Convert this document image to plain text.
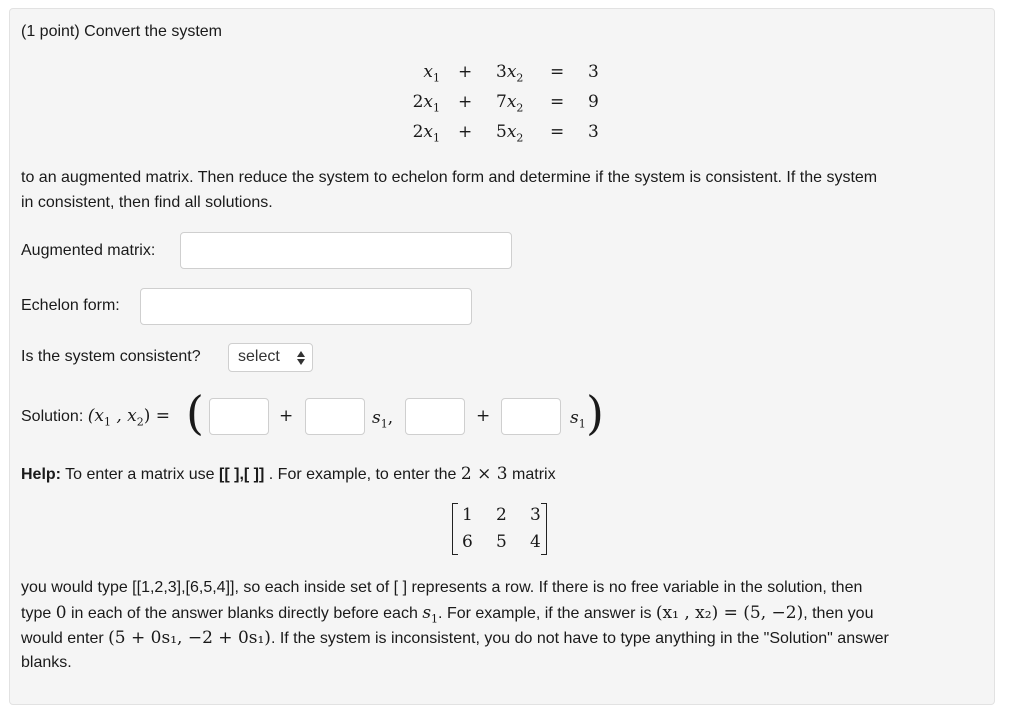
(1 point) Convert the system
$x_1 + 3x_2 = 3$
$2x_1 + 7x_2 = 9$
$2x_1 + 5x_2 = 3$
to an augmented matrix. Then reduce the system to echelon form and determine if the system is consistent. If the system
in consistent, then find all solutions.
Augmented matrix:
Echelon form:
Is the system consistent?	select
Solution: ($x_1$ , $x_2$) = (	+	$s_1$,	+	$s_1$ )
Help: To enter a matrix use [[ ],[ ]] . For example, to enter the 2 × 3 matrix
1 2 3
6 5 4
you would type [[1,2,3],[6,5,4]], so each inside set of [ ] represents a row. If there is no free variable in the solution, then
type 0 in each of the answer blanks directly before each $s_1$. For example, if the answer is (x₁ , x₂) = (5, −2), then you
would enter (5 + 0s₁, −2 + 0s₁). If the system is inconsistent, you do not have to type anything in the "Solution" answer
blanks.
